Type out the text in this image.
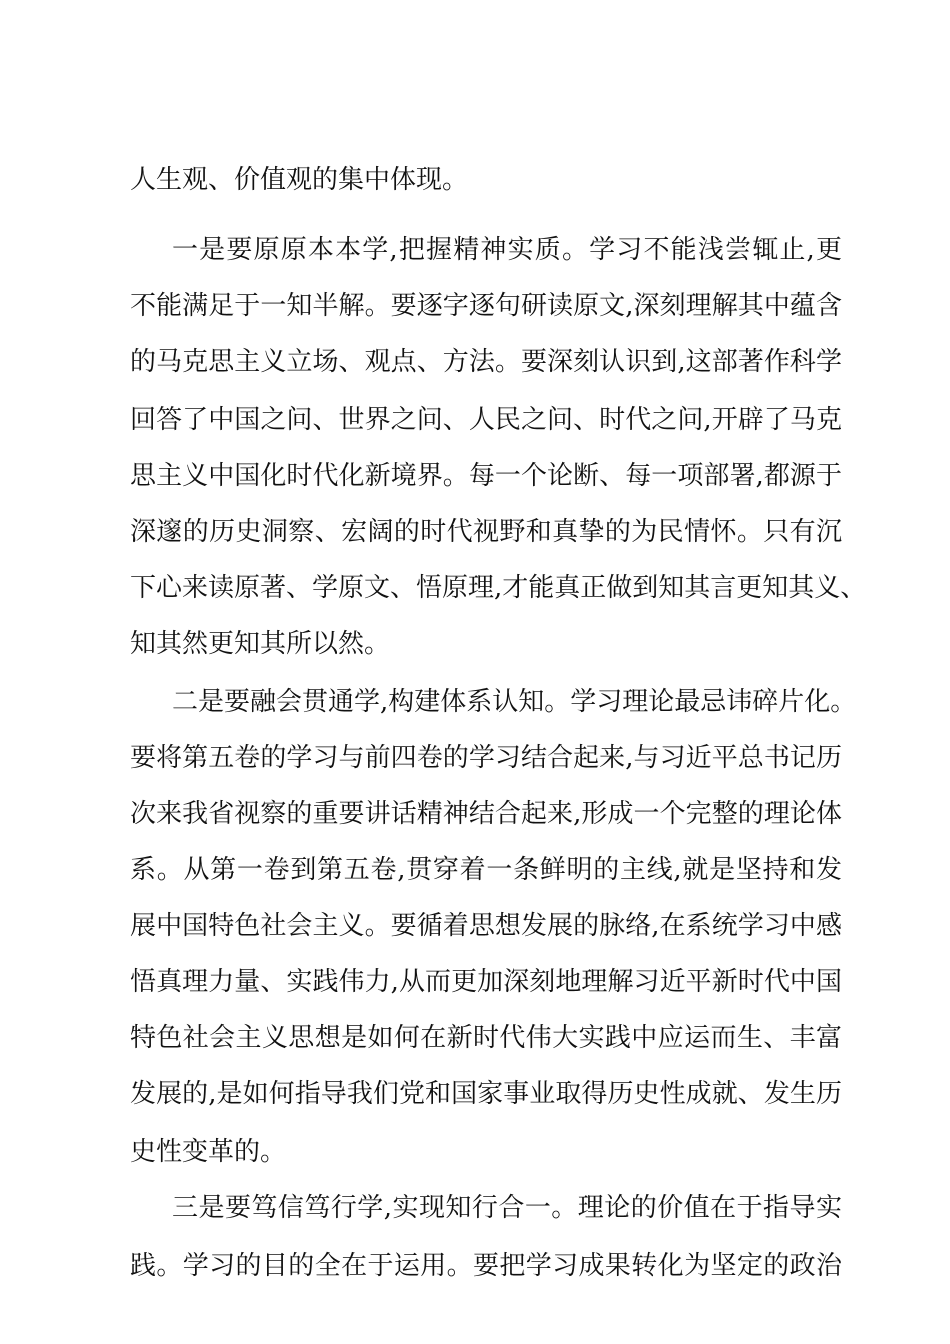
人生观、价值观的集中体现。
一是要原原本本学,把握精神实质。学习不能浅尝辄止,更
不能满足于一知半解。要逐字逐句研读原文,深刻理解其中蕴含
的马克思主义立场、观点、方法。要深刻认识到,这部著作科学
回答了中国之问、世界之问、人民之问、时代之问,开辟了马克
思主义中国化时代化新境界。每一个论断、每一项部署,都源于
深邃的历史洞察、宏阔的时代视野和真挚的为民情怀。只有沉
下心来读原著、学原文、悟原理,才能真正做到知其言更知其义、
知其然更知其所以然。
二是要融会贯通学,构建体系认知。学习理论最忌讳碎片化。
要将第五卷的学习与前四卷的学习结合起来,与习近平总书记历
次来我省视察的重要讲话精神结合起来,形成一个完整的理论体
系。从第一卷到第五卷,贯穿着一条鲜明的主线,就是坚持和发
展中国特色社会主义。要循着思想发展的脉络,在系统学习中感
悟真理力量、实践伟力,从而更加深刻地理解习近平新时代中国
特色社会主义思想是如何在新时代伟大实践中应运而生、丰富
发展的,是如何指导我们党和国家事业取得历史性成就、发生历
史性变革的。
三是要笃信笃行学,实现知行合一。理论的价值在于指导实
践。学习的目的全在于运用。要把学习成果转化为坚定的政治
